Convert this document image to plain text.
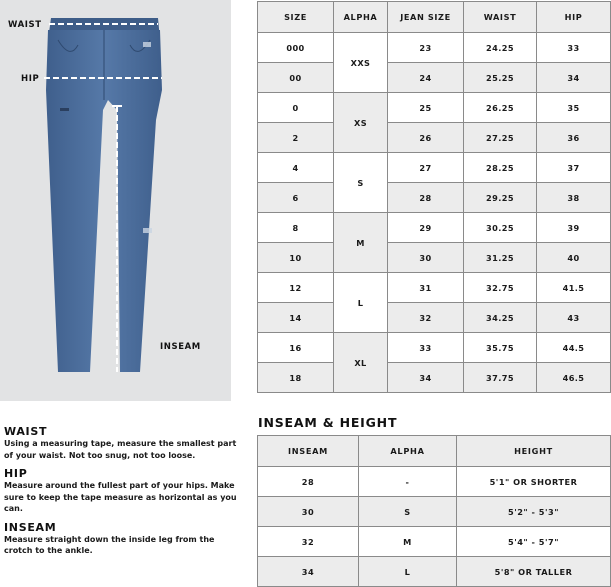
WAIST
HIP
INSEAM
SIZE	ALPHA	JEAN SIZE	WAIST	HIP
000	XXS	23	24.25	33
00		24	25.25	34
0	XS	25	26.25	35
2		26	27.25	36
4	S	27	28.25	37
6		28	29.25	38
8	M	29	30.25	39
10		30	31.25	40
12	L	31	32.75	41.5
14		32	34.25	43
16	XL	33	35.75	44.5
18		34	37.75	46.5
WAIST

Using a measuring tape, measure the smallest part of your waist. Not too snug, not too loose.

HIP

Measure around the fullest part of your hips. Make sure to keep the tape measure as horizontal as you can.

INSEAM

Measure straight down the inside leg from the crotch to the ankle.

INSEAM & HEIGHT
INSEAM	ALPHA	HEIGHT
28	-	5'1" OR SHORTER
30	S	5'2" - 5'3"
32	M	5'4" - 5'7"
34	L	5'8" OR TALLER
